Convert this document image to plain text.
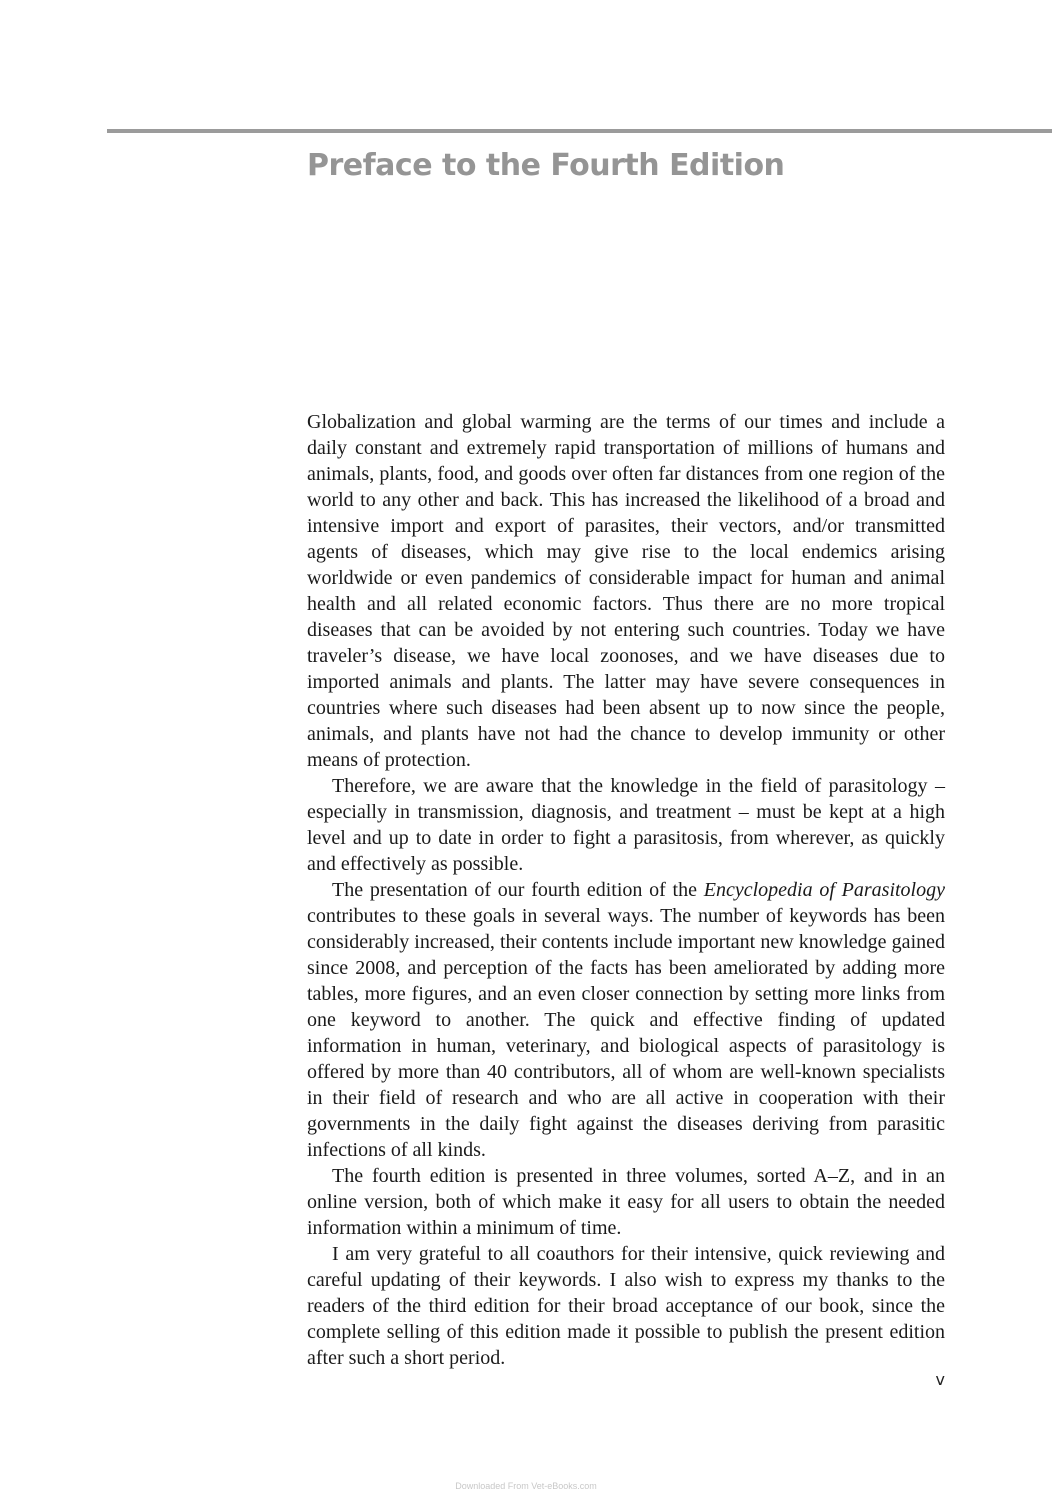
Preface to the Fourth Edition

Globalization and global warming are the terms of our times and include a daily constant and extremely rapid transportation of millions of humans and animals, plants, food, and goods over often far distances from one region of the world to any other and back. This has increased the likelihood of a broad and intensive import and export of parasites, their vectors, and/or transmitted agents of diseases, which may give rise to the local endemics arising worldwide or even pandemics of considerable impact for human and animal health and all related economic factors. Thus there are no more tropical diseases that can be avoided by not entering such countries. Today we have traveler’s disease, we have local zoonoses, and we have diseases due to imported animals and plants. The latter may have severe consequences in countries where such diseases had been absent up to now since the people, animals, and plants have not had the chance to develop immunity or other means of protection.

Therefore, we are aware that the knowledge in the field of parasitology – especially in transmission, diagnosis, and treatment – must be kept at a high level and up to date in order to fight a parasitosis, from wherever, as quickly and effectively as possible.

The presentation of our fourth edition of the Encyclopedia of Parasitology contributes to these goals in several ways. The number of keywords has been considerably increased, their contents include important new knowledge gained since 2008, and perception of the facts has been ameliorated by adding more tables, more figures, and an even closer connection by setting more links from one keyword to another. The quick and effective finding of updated information in human, veterinary, and biological aspects of parasitology is offered by more than 40 contributors, all of whom are well-known specialists in their field of research and who are all active in cooperation with their governments in the daily fight against the diseases deriving from parasitic infections of all kinds.

The fourth edition is presented in three volumes, sorted A–Z, and in an online version, both of which make it easy for all users to obtain the needed information within a minimum of time.

I am very grateful to all coauthors for their intensive, quick reviewing and careful updating of their keywords. I also wish to express my thanks to the readers of the third edition for their broad acceptance of our book, since the complete selling of this edition made it possible to publish the present edition after such a short period.

v
Downloaded From Vet-eBooks.com
